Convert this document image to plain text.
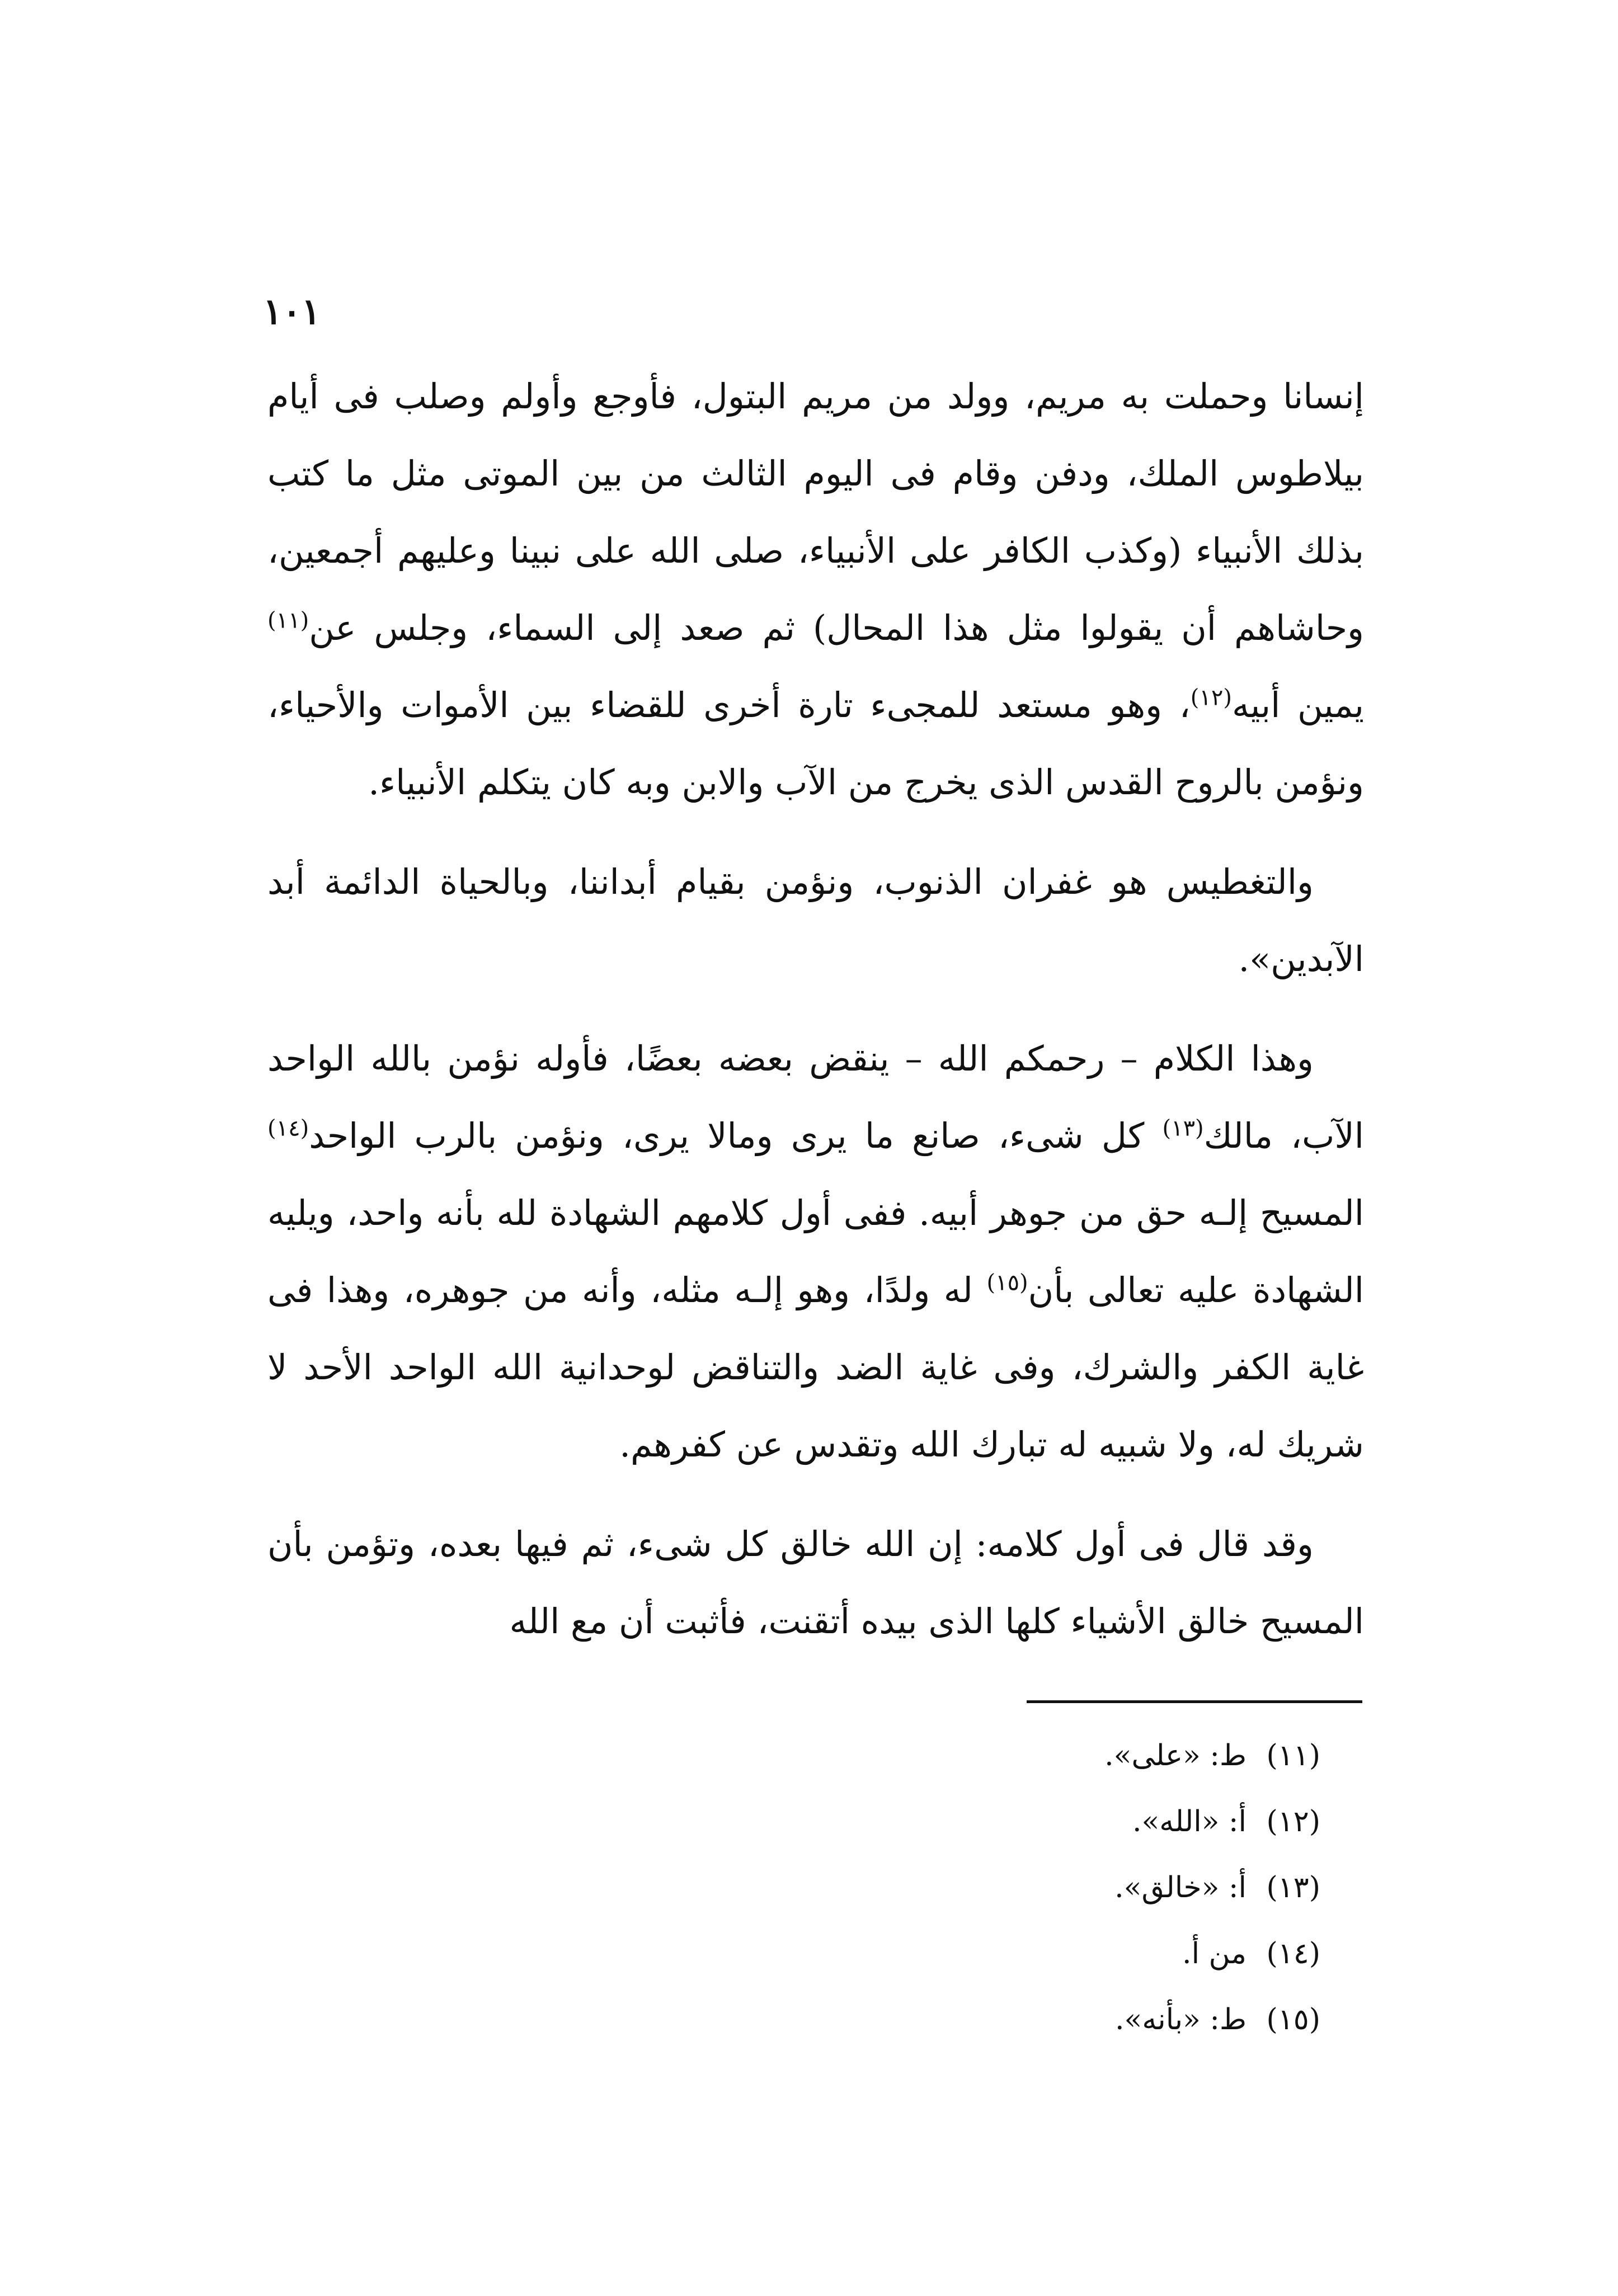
١٠١

إنسانا وحملت به مريم، وولد من مريم البتول، فأوجع وأولم وصلب فى أيام بيلاطوس الملك، ودفن وقام فى اليوم الثالث من بين الموتى مثل ما كتب بذلك الأنبياء (وكذب الكافر على الأنبياء، صلى الله على نبينا وعليهم أجمعين، وحاشاهم أن يقولوا مثل هذا المحال) ثم صعد إلى السماء، وجلس عن$^{(١١)}$ يمين أبيه$^{(١٢)}$، وهو مستعد للمجىء تارة أخرى للقضاء بين الأموات والأحياء، ونؤمن بالروح القدس الذى يخرج من الآب والابن وبه كان يتكلم الأنبياء.

والتغطيس هو غفران الذنوب، ونؤمن بقيام أبداننا، وبالحياة الدائمة أبد الآبدين».

وهذا الكلام – رحمكم الله – ينقض بعضه بعضًا، فأوله نؤمن بالله الواحد الآب، مالك$^{(١٣)}$ كل شىء، صانع ما يرى ومالا يرى، ونؤمن بالرب الواحد$^{(١٤)}$ المسيح إلـه حق من جوهر أبيه. ففى أول كلامهم الشهادة لله بأنه واحد، ويليه الشهادة عليه تعالى بأن$^{(١٥)}$ له ولدًا، وهو إلـه مثله، وأنه من جوهره، وهذا فى غاية الكفر والشرك، وفى غاية الضد والتناقض لوحدانية الله الواحد الأحد لا شريك له، ولا شبيه له تبارك الله وتقدس عن كفرهم.

وقد قال فى أول كلامه: إن الله خالق كل شىء، ثم فيها بعده، وتؤمن بأن المسيح خالق الأشياء كلها الذى بيده أتقنت، فأثبت أن مع الله

(١١)
ط: «على».
(١٢)
أ: «الله».
(١٣)
أ: «خالق».
(١٤)
من أ.
(١٥)
ط: «بأنه».
